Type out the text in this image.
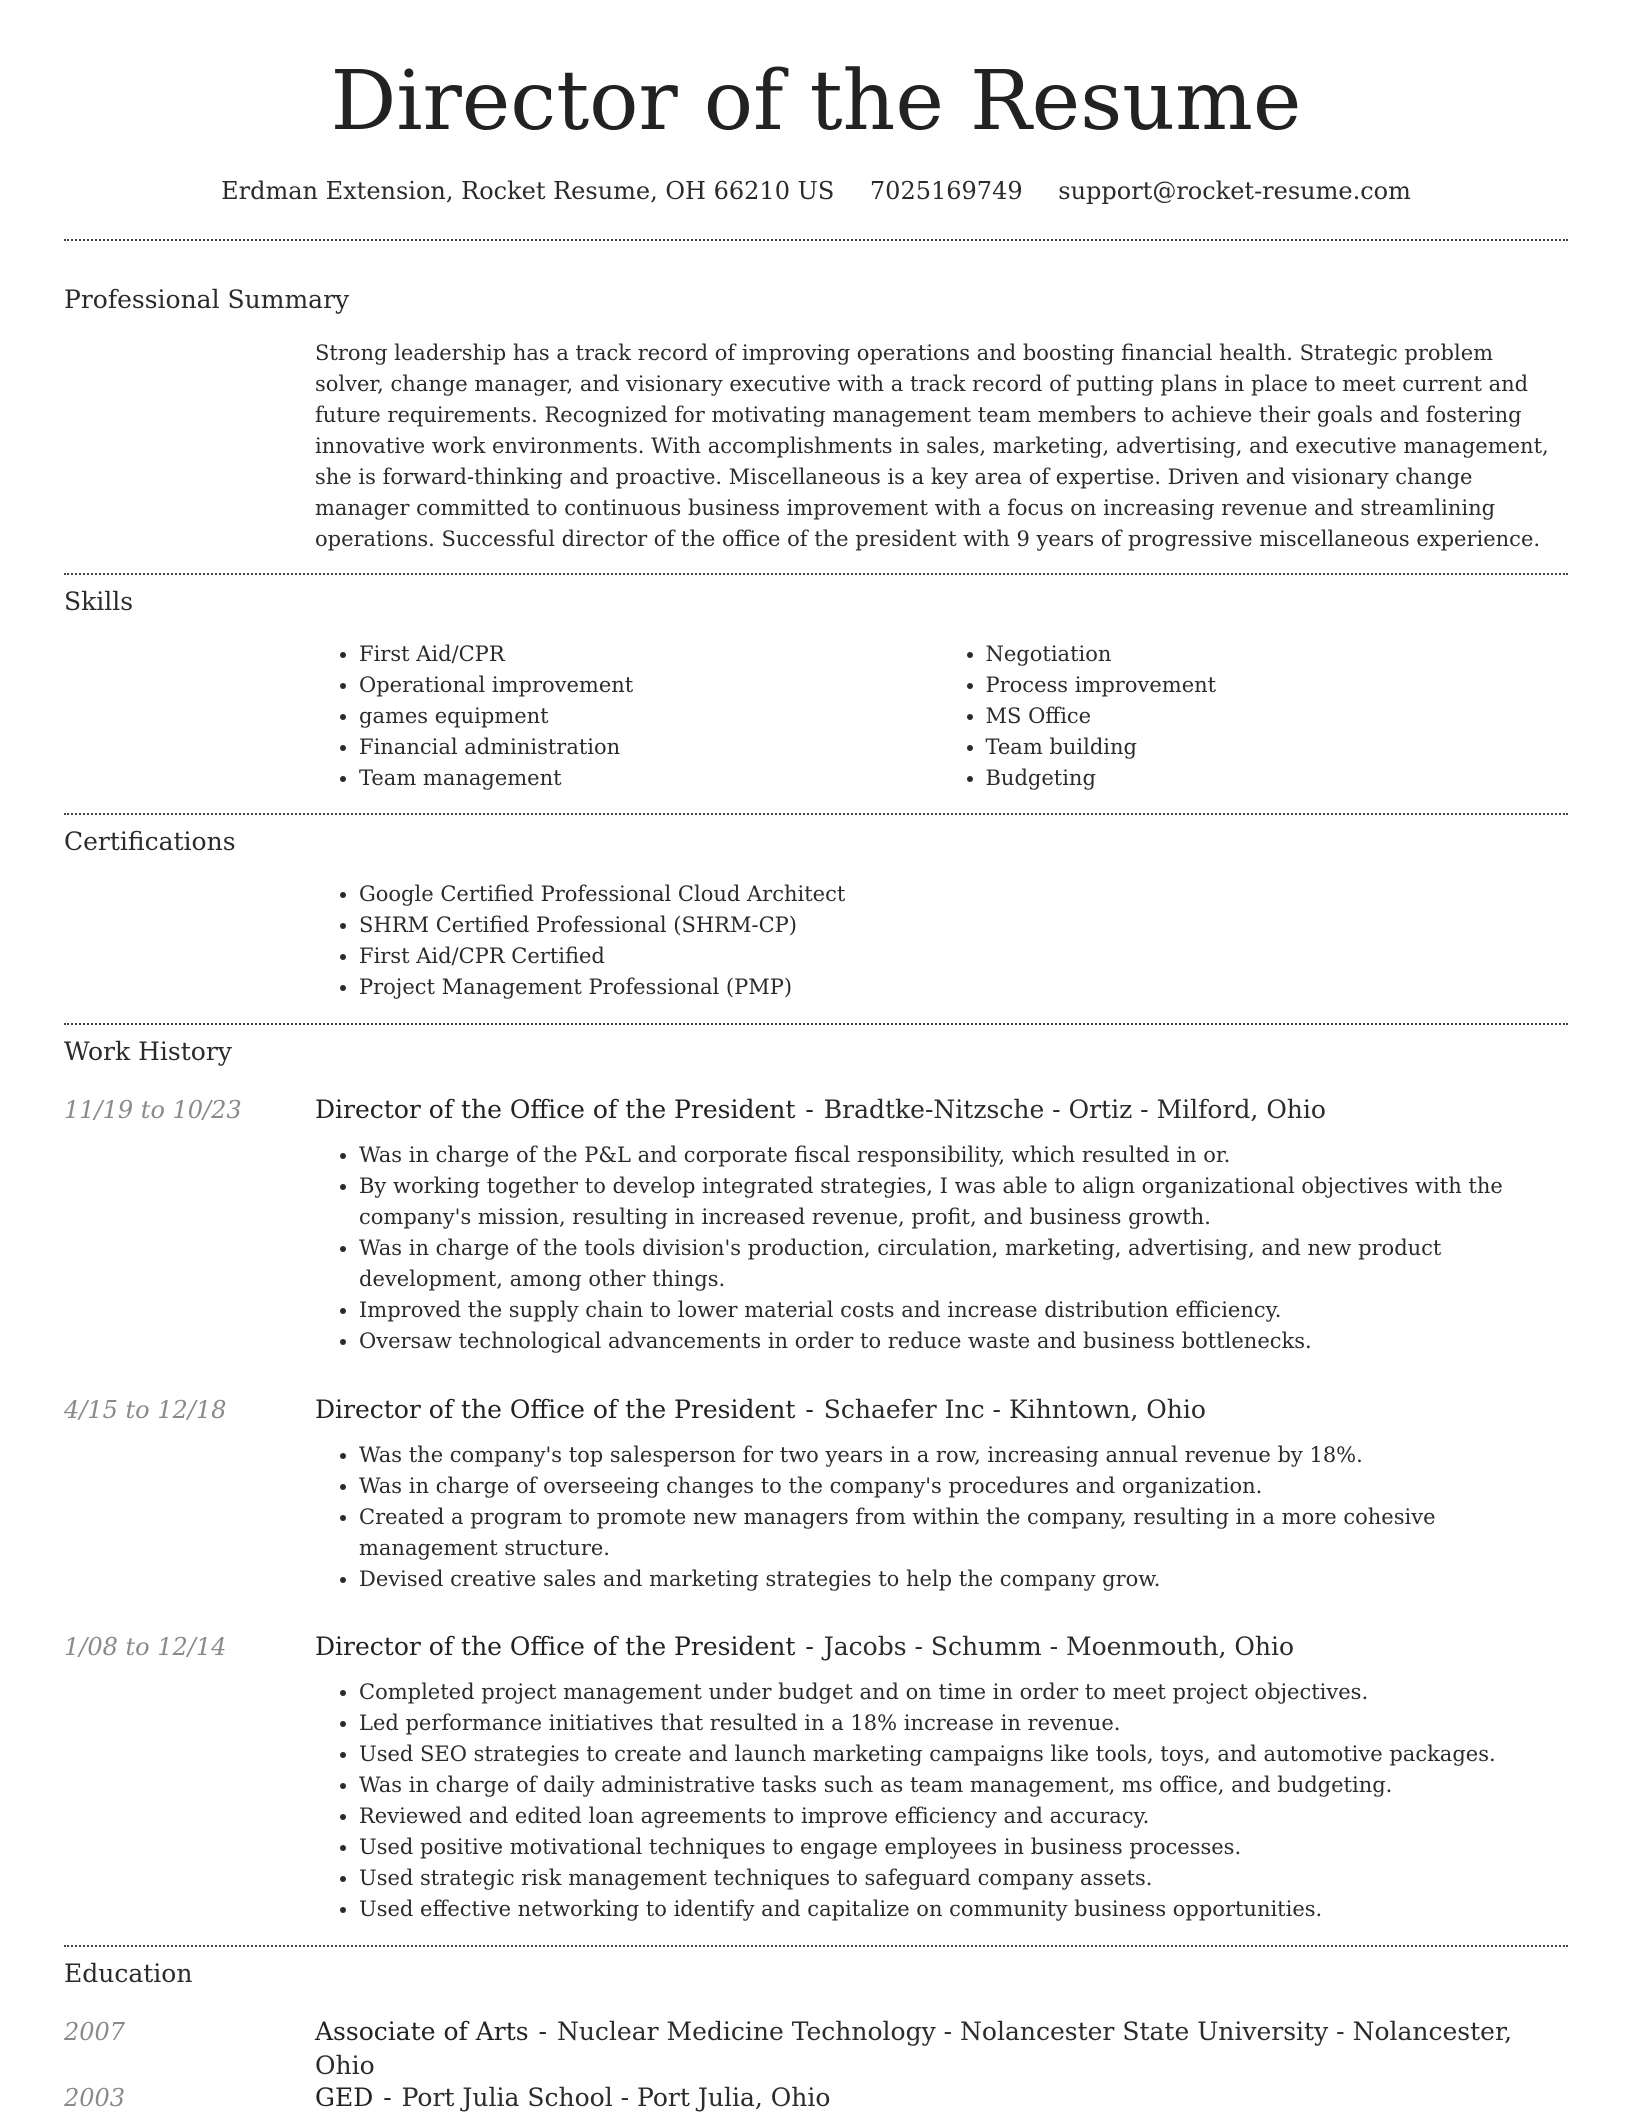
Director of the Resume
Erdman Extension, Rocket Resume, OH 66210 US 7025169749 support@rocket-resume.com
Professional Summary
Strong leadership has a track record of improving operations and boosting financial health. Strategic problem solver, change manager, and visionary executive with a track record of putting plans in place to meet current and future requirements. Recognized for motivating management team members to achieve their goals and fostering innovative work environments. With accomplishments in sales, marketing, advertising, and executive management, she is forward-thinking and proactive. Miscellaneous is a key area of expertise. Driven and visionary change manager committed to continuous business improvement with a focus on increasing revenue and streamlining operations. Successful director of the office of the president with 9 years of progressive miscellaneous experience.
Skills
• First Aid/CPR
• Operational improvement
• games equipment
• Financial administration
• Team management
• Negotiation
• Process improvement
• MS Office
• Team building
• Budgeting
Certifications
• Google Certified Professional Cloud Architect
• SHRM Certified Professional (SHRM-CP)
• First Aid/CPR Certified
• Project Management Professional (PMP)
Work History
11/19 to 10/23	Director of the Office of the President - Bradtke-Nitzsche - Ortiz - Milford, Ohio
• Was in charge of the P&L and corporate fiscal responsibility, which resulted in or.
• By working together to develop integrated strategies, I was able to align organizational objectives with the company's mission, resulting in increased revenue, profit, and business growth.
• Was in charge of the tools division's production, circulation, marketing, advertising, and new product development, among other things.
• Improved the supply chain to lower material costs and increase distribution efficiency.
• Oversaw technological advancements in order to reduce waste and business bottlenecks.
4/15 to 12/18	Director of the Office of the President - Schaefer Inc - Kihntown, Ohio
• Was the company's top salesperson for two years in a row, increasing annual revenue by 18%.
• Was in charge of overseeing changes to the company's procedures and organization.
• Created a program to promote new managers from within the company, resulting in a more cohesive management structure.
• Devised creative sales and marketing strategies to help the company grow.
1/08 to 12/14	Director of the Office of the President - Jacobs - Schumm - Moenmouth, Ohio
• Completed project management under budget and on time in order to meet project objectives.
• Led performance initiatives that resulted in a 18% increase in revenue.
• Used SEO strategies to create and launch marketing campaigns like tools, toys, and automotive packages.
• Was in charge of daily administrative tasks such as team management, ms office, and budgeting.
• Reviewed and edited loan agreements to improve efficiency and accuracy.
• Used positive motivational techniques to engage employees in business processes.
• Used strategic risk management techniques to safeguard company assets.
• Used effective networking to identify and capitalize on community business opportunities.
Education
2007	Associate of Arts - Nuclear Medicine Technology - Nolancester State University - Nolancester, Ohio
2003	GED - Port Julia School - Port Julia, Ohio
